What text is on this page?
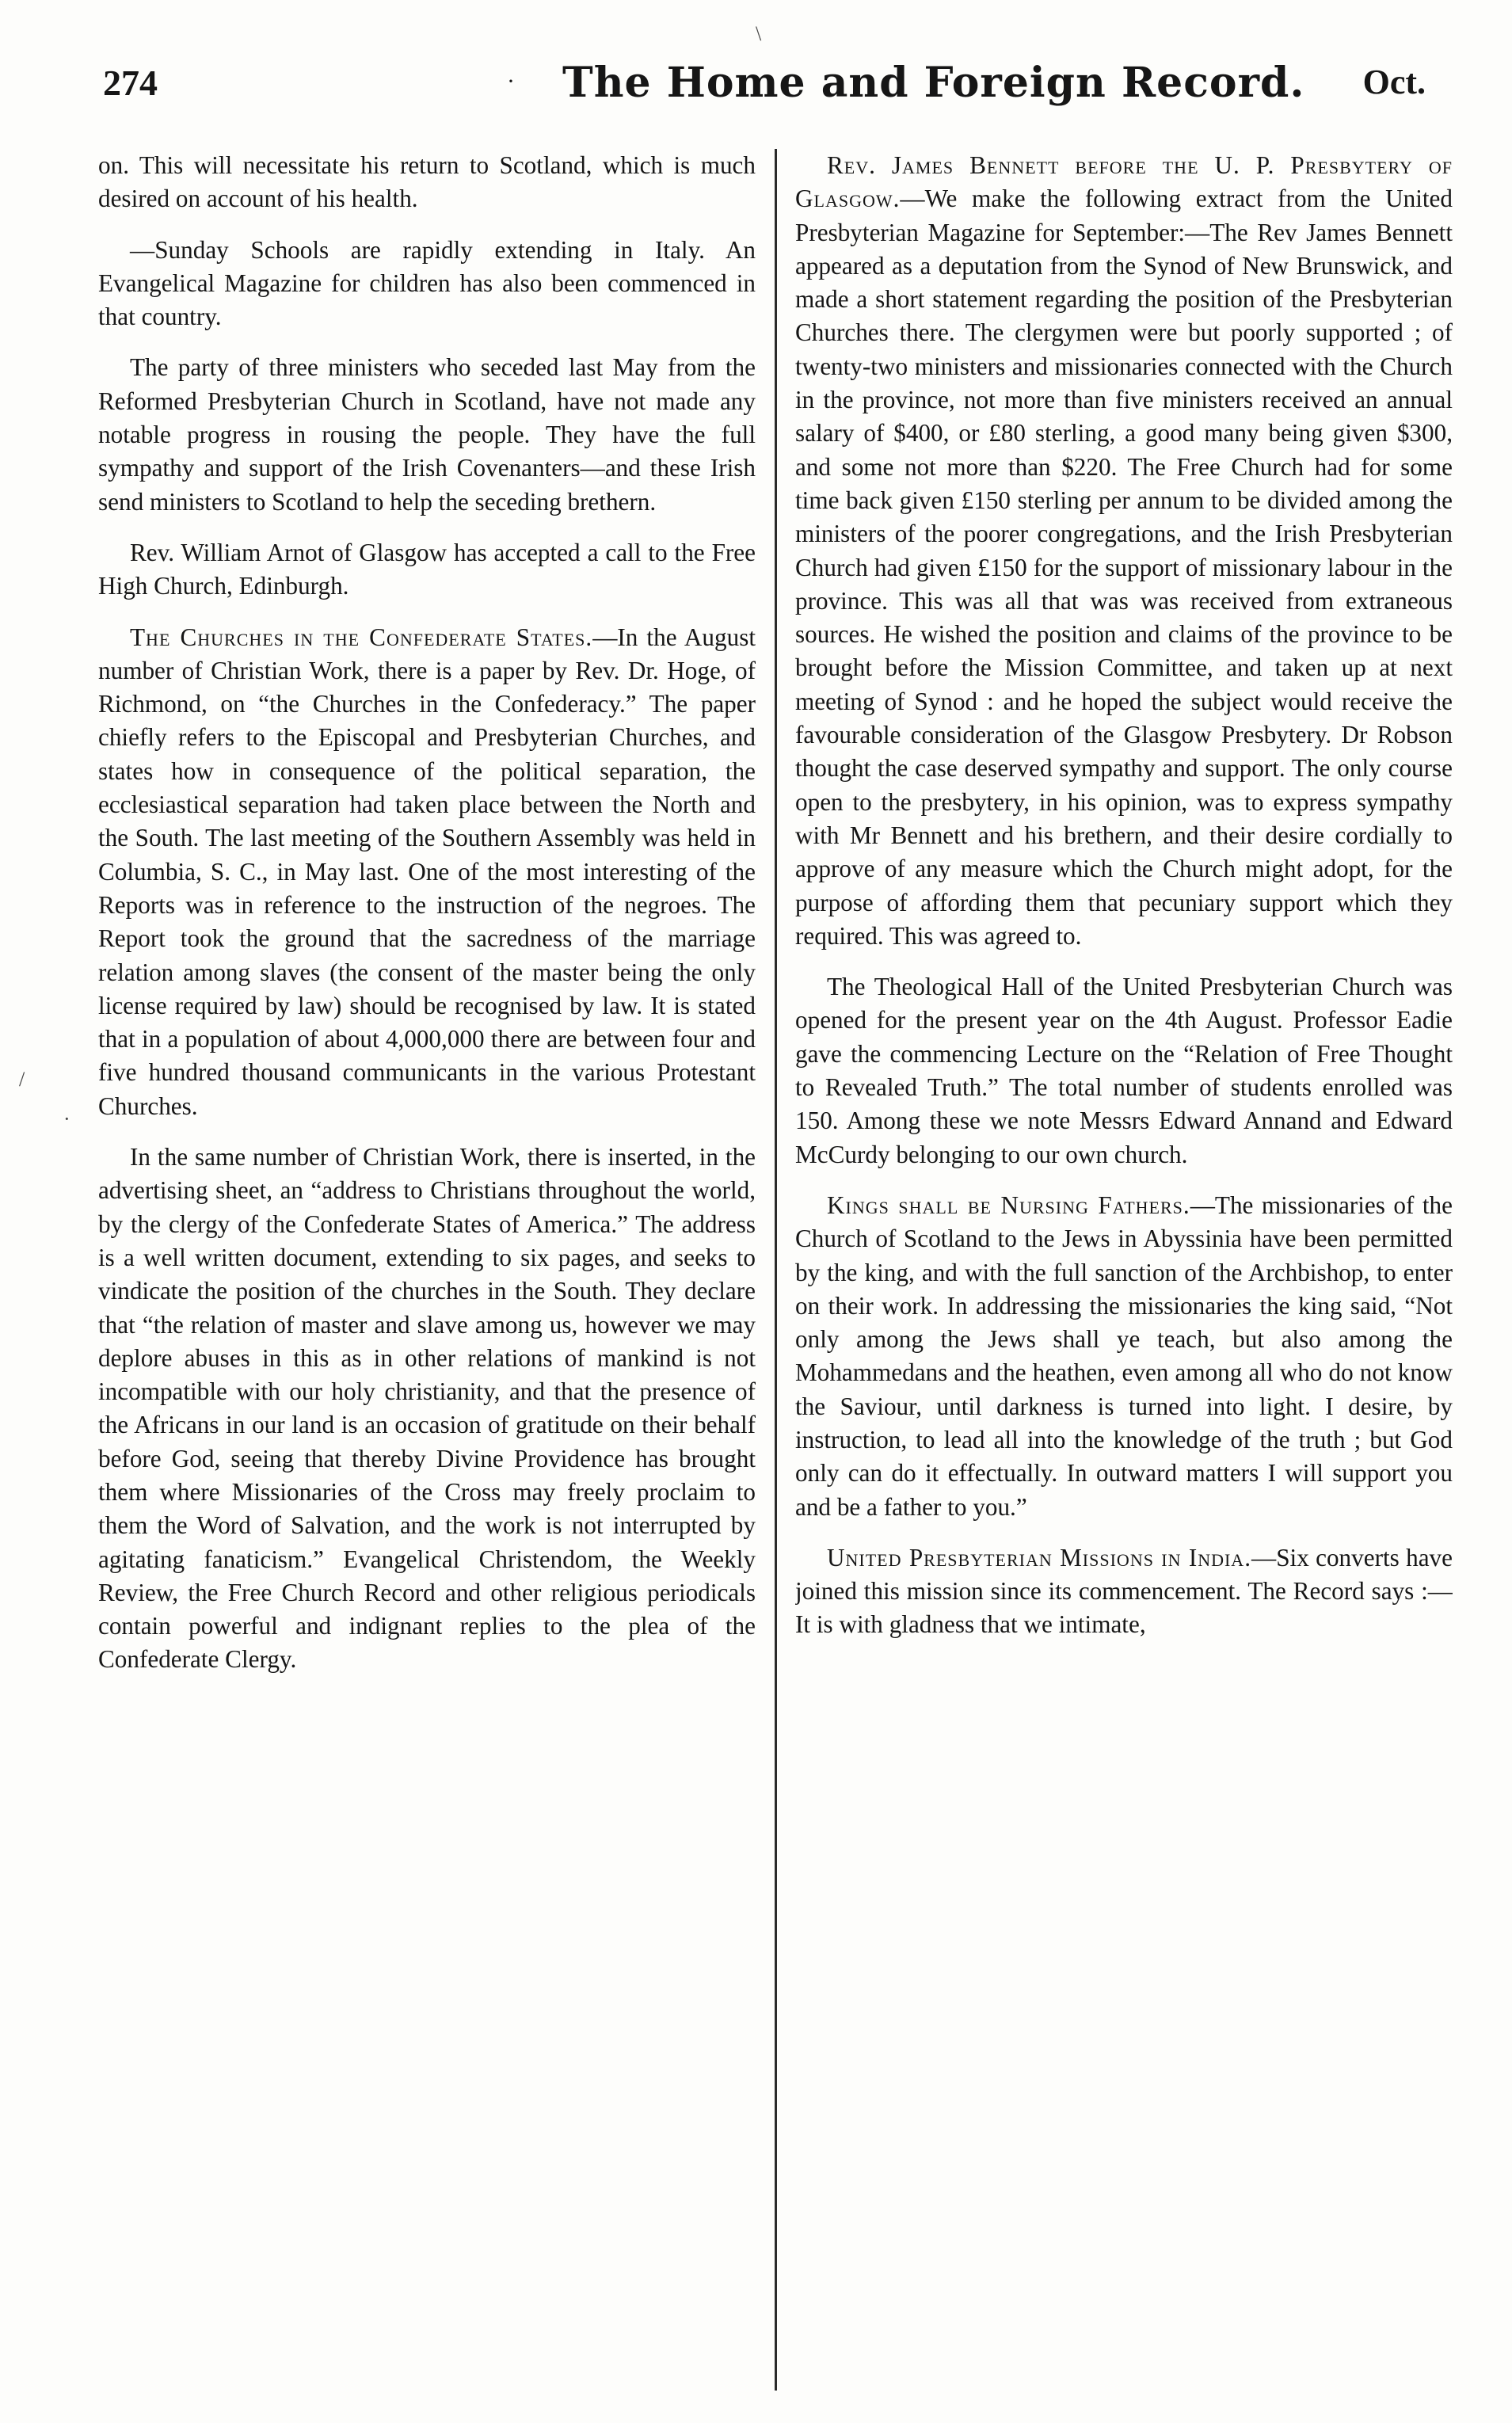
274	· The Home and Foreign Record. Oct.

on. This will necessitate his return to Scotland, which is much desired on account of his health.

—Sunday Schools are rapidly extending in Italy. An Evangelical Magazine for children has also been commenced in that country.

The party of three ministers who seceded last May from the Reformed Presbyterian Church in Scotland, have not made any notable progress in rousing the people. They have the full sympathy and support of the Irish Covenanters—and these Irish send ministers to Scotland to help the seceding brethern.

Rev. William Arnot of Glasgow has accepted a call to the Free High Church, Edinburgh.

The Churches in the Confederate States.—In the August number of Christian Work, there is a paper by Rev. Dr. Hoge, of Richmond, on “the Churches in the Confederacy.” The paper chiefly refers to the Episcopal and Presbyterian Churches, and states how in consequence of the political separation, the ecclesiastical separation had taken place between the North and the South. The last meeting of the Southern Assembly was held in Columbia, S. C., in May last. One of the most interesting of the Reports was in reference to the instruction of the negroes. The Report took the ground that the sacredness of the marriage relation among slaves (the consent of the master being the only license required by law) should be recognised by law. It is stated that in a population of about 4,000,000 there are between four and five hundred thousand communicants in the various Protestant Churches.

In the same number of Christian Work, there is inserted, in the advertising sheet, an “address to Christians throughout the world, by the clergy of the Confederate States of America.” The address is a well written document, extending to six pages, and seeks to vindicate the position of the churches in the South. They declare that “the relation of master and slave among us, however we may deplore abuses in this as in other relations of mankind is not incompatible with our holy christianity, and that the presence of the Africans in our land is an occasion of gratitude on their behalf before God, seeing that thereby Divine Providence has brought them where Missionaries of the Cross may freely proclaim to them the Word of Salvation, and the work is not interrupted by agitating fanaticism.” Evangelical Christendom, the Weekly Review, the Free Church Record and other religious periodicals contain powerful and indignant replies to the plea of the Confederate Clergy.

Rev. James Bennett before the U. P. Presbytery of Glasgow.—We make the following extract from the United Presbyterian Magazine for September:—The Rev James Bennett appeared as a deputation from the Synod of New Brunswick, and made a short statement regarding the position of the Presbyterian Churches there. The clergymen were but poorly supported ; of twenty-two ministers and missionaries connected with the Church in the province, not more than five ministers received an annual salary of $400, or £80 sterling, a good many being given $300, and some not more than $220. The Free Church had for some time back given £150 sterling per annum to be divided among the ministers of the poorer congregations, and the Irish Presbyterian Church had given £150 for the support of missionary labour in the province. This was all that was was received from extraneous sources. He wished the position and claims of the province to be brought before the Mission Committee, and taken up at next meeting of Synod : and he hoped the subject would receive the favourable consideration of the Glasgow Presbytery. Dr Robson thought the case deserved sympathy and support. The only course open to the presbytery, in his opinion, was to express sympathy with Mr Bennett and his brethern, and their desire cordially to approve of any measure which the Church might adopt, for the purpose of affording them that pecuniary support which they required. This was agreed to.

The Theological Hall of the United Presbyterian Church was opened for the present year on the 4th August. Professor Eadie gave the commencing Lecture on the “Relation of Free Thought to Revealed Truth.” The total number of students enrolled was 150. Among these we note Messrs Edward Annand and Edward McCurdy belonging to our own church.

Kings shall be Nursing Fathers.—The missionaries of the Church of Scotland to the Jews in Abyssinia have been permitted by the king, and with the full sanction of the Archbishop, to enter on their work. In addressing the missionaries the king said, “Not only among the Jews shall ye teach, but also among the Mohammedans and the heathen, even among all who do not know the Saviour, until darkness is turned into light. I desire, by instruction, to lead all into the knowledge of the truth ; but God only can do it effectually. In outward matters I will support you and be a father to you.”

United Presbyterian Missions in India.—Six converts have joined this mission since its commencement. The Record says :—It is with gladness that we intimate,

\
/
·
